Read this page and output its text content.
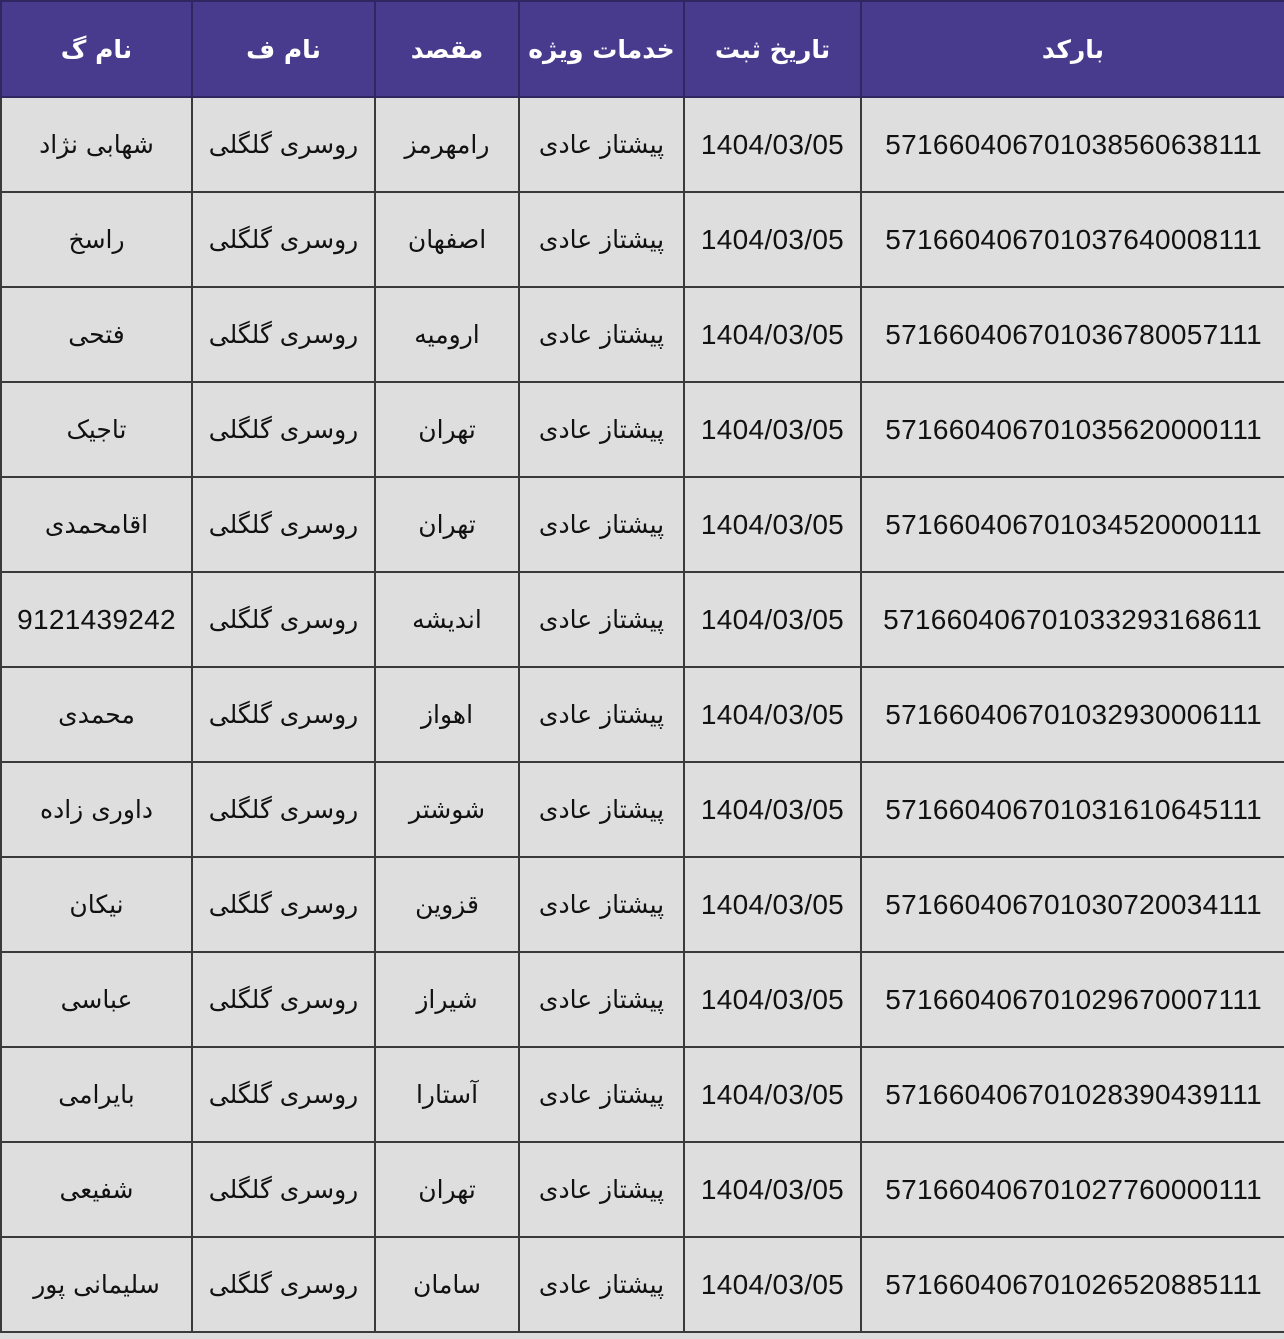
بارکد	تاریخ ثبت	خدمات ویژه	مقصد	نام ف	نام گ
571660406701038560638111	1404/03/05	پیشتاز عادی	رامهرمز	روسری گلگلی	شهابی نژاد
571660406701037640008111	1404/03/05	پیشتاز عادی	اصفهان	روسری گلگلی	راسخ
571660406701036780057111	1404/03/05	پیشتاز عادی	ارومیه	روسری گلگلی	فتحی
571660406701035620000111	1404/03/05	پیشتاز عادی	تهران	روسری گلگلی	تاجیک
571660406701034520000111	1404/03/05	پیشتاز عادی	تهران	روسری گلگلی	اقامحمدی
571660406701033293168611	1404/03/05	پیشتاز عادی	اندیشه	روسری گلگلی	9121439242
571660406701032930006111	1404/03/05	پیشتاز عادی	اهواز	روسری گلگلی	محمدی
571660406701031610645111	1404/03/05	پیشتاز عادی	شوشتر	روسری گلگلی	داوری زاده
571660406701030720034111	1404/03/05	پیشتاز عادی	قزوین	روسری گلگلی	نیکان
571660406701029670007111	1404/03/05	پیشتاز عادی	شیراز	روسری گلگلی	عباسی
571660406701028390439111	1404/03/05	پیشتاز عادی	آستارا	روسری گلگلی	بایرامی
571660406701027760000111	1404/03/05	پیشتاز عادی	تهران	روسری گلگلی	شفیعی
571660406701026520885111	1404/03/05	پیشتاز عادی	سامان	روسری گلگلی	سلیمانی پور
